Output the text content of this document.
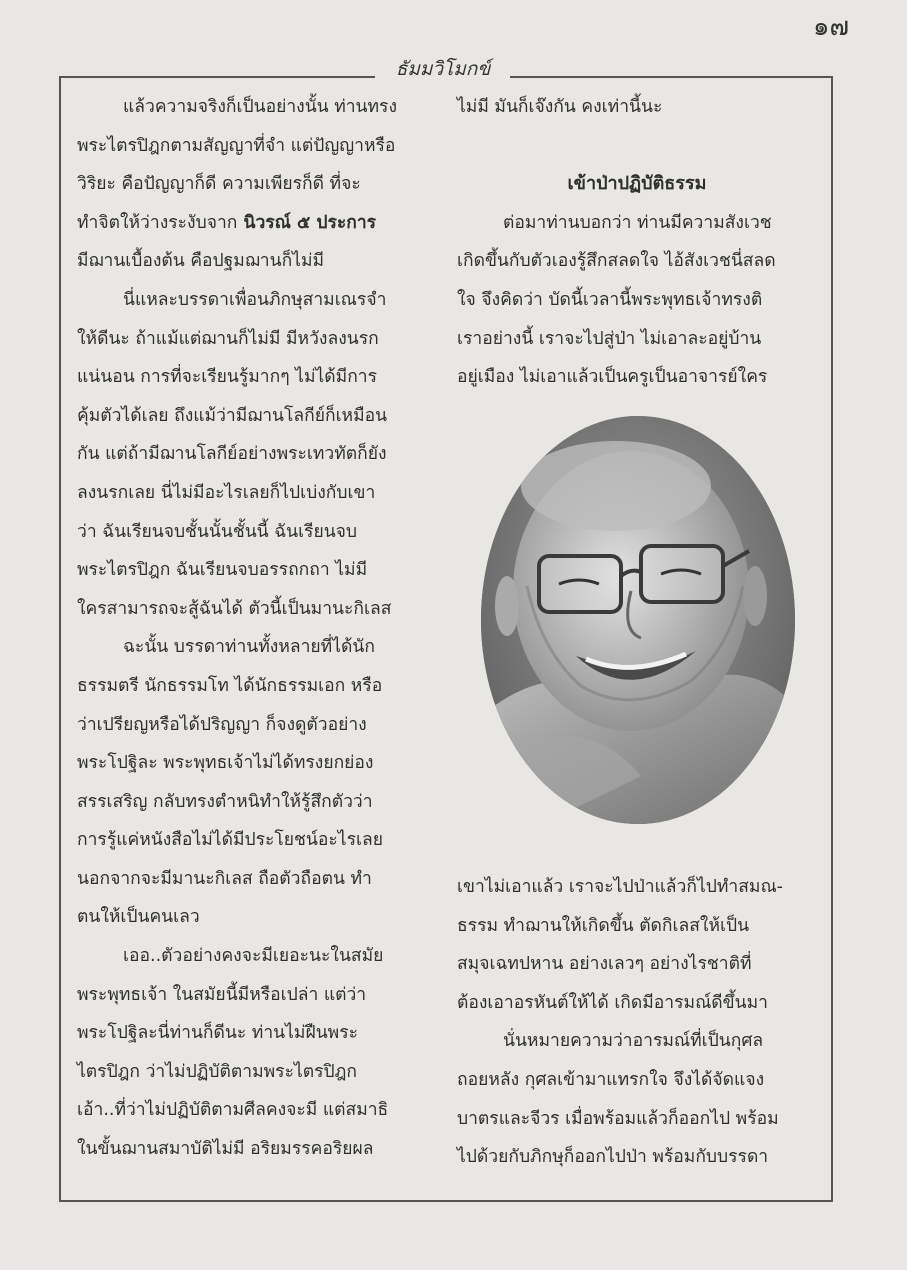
๑๗
ธัมมวิโมกข์
แล้วความจริงก็เป็นอย่างนั้น ท่านทรง
พระไตรปิฎกตามสัญญาที่จำ แต่ปัญญาหรือ
วิริยะ คือปัญญาก็ดี ความเพียรก็ดี ที่จะ
ทำจิตให้ว่างระงับจาก นิวรณ์ ๕ ประการ
มีฌานเบื้องต้น คือปฐมฌานก็ไม่มี
นี่แหละบรรดาเพื่อนภิกษุสามเณรจำ
ให้ดีนะ ถ้าแม้แต่ฌานก็ไม่มี มีหวังลงนรก
แน่นอน การที่จะเรียนรู้มากๆ ไม่ได้มีการ
คุ้มตัวได้เลย ถึงแม้ว่ามีฌานโลกีย์ก็เหมือน
กัน แต่ถ้ามีฌานโลกีย์อย่างพระเทวทัตก็ยัง
ลงนรกเลย นี่ไม่มีอะไรเลยก็ไปเบ่งกับเขา
ว่า ฉันเรียนจบชั้นนั้นชั้นนี้ ฉันเรียนจบ
พระไตรปิฎก ฉันเรียนจบอรรถกถา ไม่มี
ใครสามารถจะสู้ฉันได้ ตัวนี้เป็นมานะกิเลส
ฉะนั้น บรรดาท่านทั้งหลายที่ได้นัก
ธรรมตรี นักธรรมโท ได้นักธรรมเอก หรือ
ว่าเปรียญหรือได้ปริญญา ก็จงดูตัวอย่าง
พระโปฐิละ พระพุทธเจ้าไม่ได้ทรงยกย่อง
สรรเสริญ กลับทรงตำหนิทำให้รู้สึกตัวว่า
การรู้แค่หนังสือไม่ได้มีประโยชน์อะไรเลย
นอกจากจะมีมานะกิเลส ถือตัวถือตน ทำ
ตนให้เป็นคนเลว
เออ..ตัวอย่างคงจะมีเยอะนะในสมัย
พระพุทธเจ้า ในสมัยนี้มีหรือเปล่า แต่ว่า
พระโปฐิละนี่ท่านก็ดีนะ ท่านไม่ฝืนพระ
ไตรปิฎก ว่าไม่ปฏิบัติตามพระไตรปิฎก
เอ้า..ที่ว่าไม่ปฏิบัติตามศีลคงจะมี แต่สมาธิ
ในขั้นฌานสมาบัติไม่มี อริยมรรคอริยผล
ไม่มี มันก็เจ๊งกัน คงเท่านี้นะ
เข้าป่าปฏิบัติธรรม
ต่อมาท่านบอกว่า ท่านมีความสังเวช
เกิดขึ้นกับตัวเองรู้สึกสลดใจ ไอ้สังเวชนี่สลด
ใจ จึงคิดว่า บัดนี้เวลานี้พระพุทธเจ้าทรงติ
เราอย่างนี้ เราจะไปสู่ป่า ไม่เอาละอยู่บ้าน
อยู่เมือง ไม่เอาแล้วเป็นครูเป็นอาจารย์ใคร
เขาไม่เอาแล้ว เราจะไปป่าแล้วก็ไปทำสมณ-
ธรรม ทำฌานให้เกิดขึ้น ตัดกิเลสให้เป็น
สมุจเฉทปหาน อย่างเลวๆ อย่างไรชาติที่
ต้องเอาอรหันต์ให้ได้ เกิดมีอารมณ์ดีขึ้นมา
นั่นหมายความว่าอารมณ์ที่เป็นกุศล
ถอยหลัง กุศลเข้ามาแทรกใจ จึงได้จัดแจง
บาตรและจีวร เมื่อพร้อมแล้วก็ออกไป พร้อม
ไปด้วยกับภิกษุก็ออกไปป่า พร้อมกับบรรดา
